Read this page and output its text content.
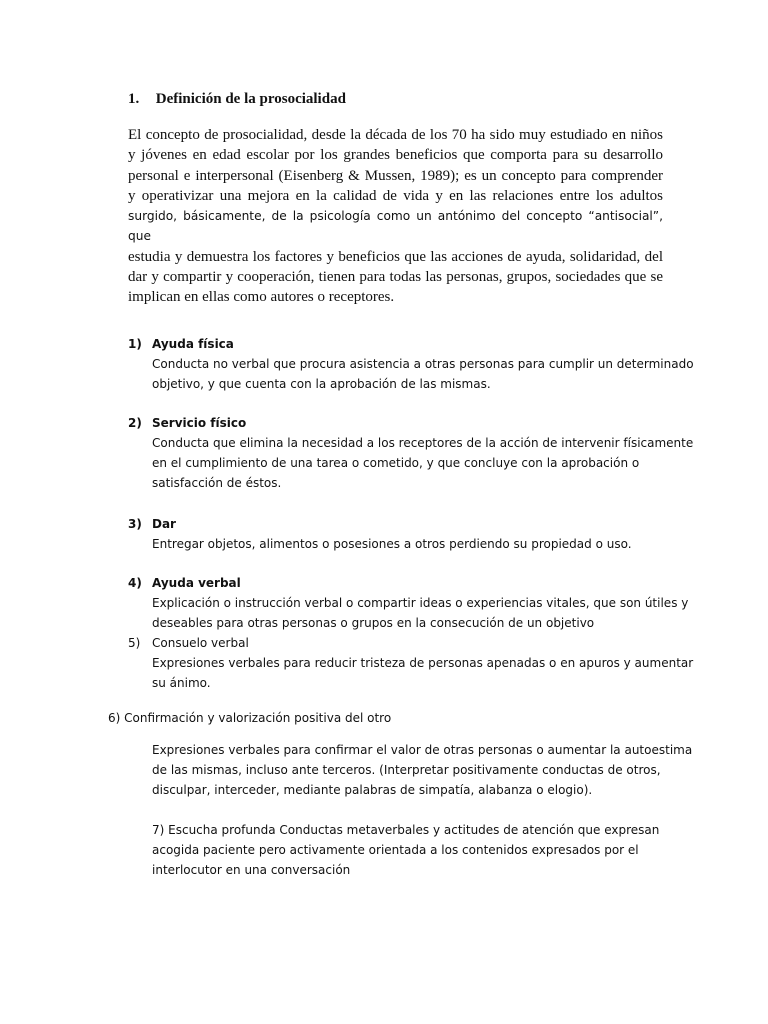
1. Definición de la prosocialidad
El concepto de prosocialidad, desde la década de los 70 ha sido muy estudiado en niños
y jóvenes en edad escolar por los grandes beneficios que comporta para su desarrollo
personal e interpersonal (Eisenberg & Mussen, 1989); es un concepto para comprender
y operativizar una mejora en la calidad de vida y en las relaciones entre los adultos
surgido, básicamente, de la psicología como un antónimo del concepto “antisocial”, que
estudia y demuestra los factores y beneficios que las acciones de ayuda, solidaridad, del
dar y compartir y cooperación, tienen para todas las personas, grupos, sociedades que se
implican en ellas como autores o receptores.
1) Ayuda física
Conducta no verbal que procura asistencia a otras personas para cumplir un determinado
objetivo, y que cuenta con la aprobación de las mismas.
2) Servicio físico
Conducta que elimina la necesidad a los receptores de la acción de intervenir físicamente
en el cumplimiento de una tarea o cometido, y que concluye con la aprobación o
satisfacción de éstos.
3) Dar
Entregar objetos, alimentos o posesiones a otros perdiendo su propiedad o uso.
4) Ayuda verbal
Explicación o instrucción verbal o compartir ideas o experiencias vitales, que son útiles y
deseables para otras personas o grupos en la consecución de un objetivo
5) Consuelo verbal
Expresiones verbales para reducir tristeza de personas apenadas o en apuros y aumentar
su ánimo.
6) Confirmación y valorización positiva del otro
Expresiones verbales para confirmar el valor de otras personas o aumentar la autoestima
de las mismas, incluso ante terceros. (Interpretar positivamente conductas de otros,
disculpar, interceder, mediante palabras de simpatía, alabanza o elogio).
7) Escucha profunda Conductas metaverbales y actitudes de atención que expresan
acogida paciente pero activamente orientada a los contenidos expresados por el
interlocutor en una conversación
